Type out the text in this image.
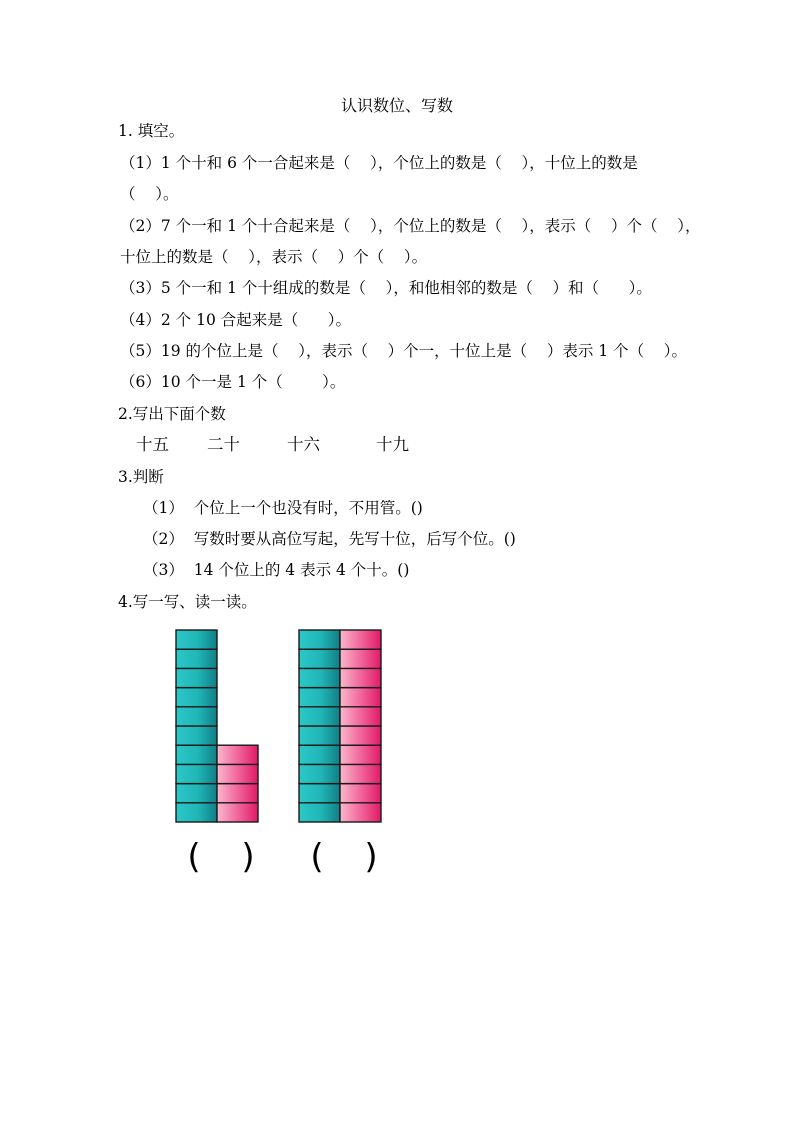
认识数位、写数
1. 填空。
（1）1 个十和 6 个一合起来是（    ），个位上的数是（    ），十位上的数是
（    ）。
（2）7 个一和 1 个十合起来是（    ），个位上的数是（    ），表示（    ）个（    ），
十位上的数是（    ），表示（    ）个（    ）。
（3）5 个一和 1 个十组成的数是（    ），和他相邻的数是（    ）和（      ）。
（4）2 个 10 合起来是（      ）。
（5）19 的个位上是（    ），表示（    ）个一，十位上是（    ）表示 1 个（    ）。
（6）10 个一是 1 个（        ）。
2.写出下面个数
十五 二十	十六	十九
3.判断
（1）  个位上一个也没有时，不用管。()
（2）  写数时要从高位写起，先写十位，后写个位。()
（3）  14 个位上的 4 表示 4 个十。()
4.写一写、读一读。
( ) ( )
